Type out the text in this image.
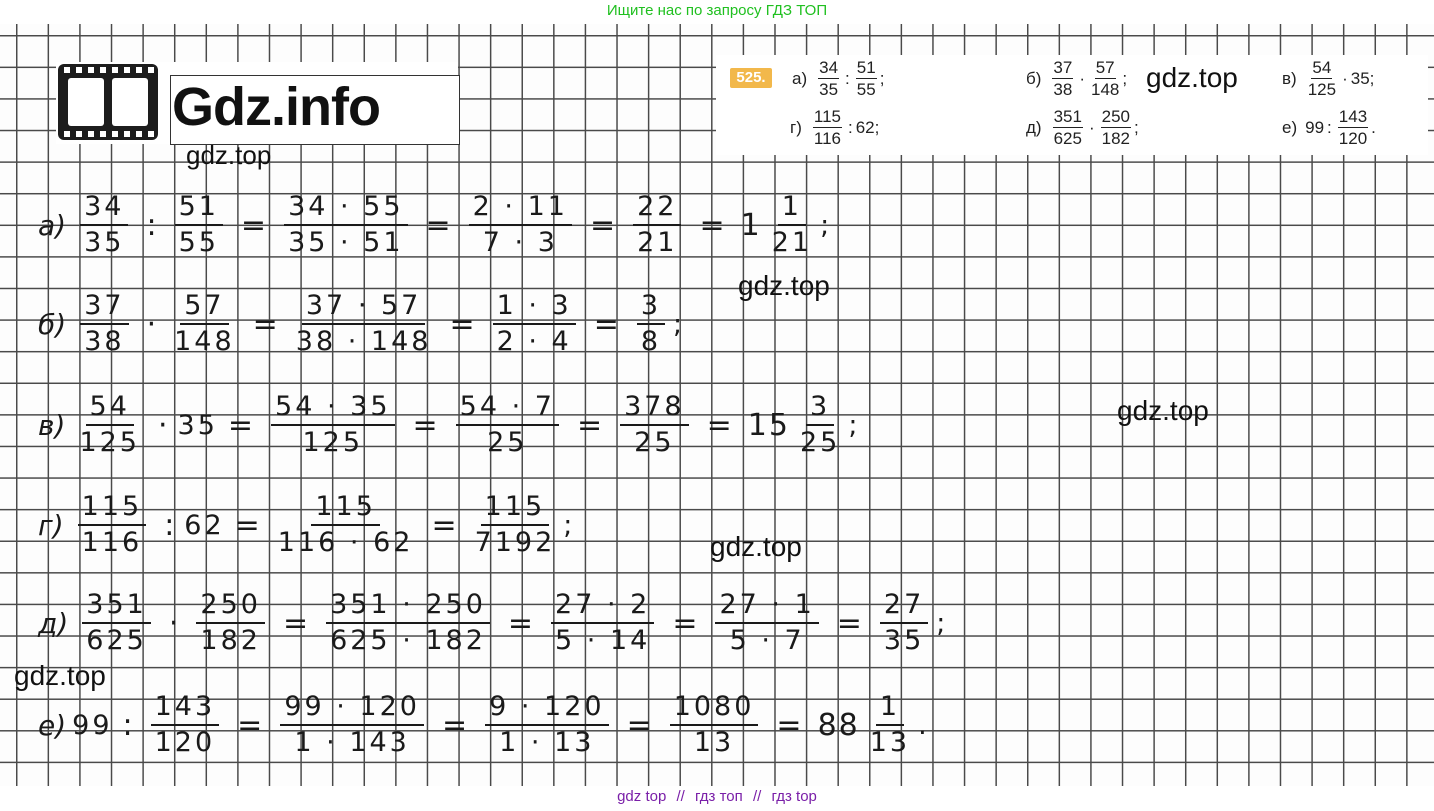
Ищите нас по запросу ГДЗ ТОП
Gdz.info	525.	$а) \frac{34}{35}$ : $\frac{51}{55}$ ;	$б) \frac{37}{38} \cdot \frac{57}{148}$ ;	$в) \frac{54}{125} \cdot 35$ ;
$г) \frac{115}{116}$ : 62 ;	$д) \frac{351}{625} \cdot \frac{250}{182}$ ;	е) 99 : $\frac{143}{120}$ .
gdz.top
gdz.top
gdz.top
gdz.top
gdz.top
gdz.top
$а) \frac{34}{35}$ : $\frac{51}{55} = \frac{34 \cdot 55}{35 \cdot 51} = \frac{2 \cdot 11}{7 \cdot 3} = \frac{22}{21} = 1 \frac{1}{21}$ ;
$б) \frac{37}{38} \cdot \frac{57}{148} = \frac{37 \cdot 57}{38 \cdot 148} = \frac{1 \cdot 3}{2 \cdot 4} = \frac{3}{8}$ ;
$в) \frac{54}{125} \cdot 35 = \frac{54 \cdot 35}{125} = \frac{54 \cdot 7}{25} = \frac{378}{25} = 15 \frac{3}{25}$ ;
$г) \frac{115}{116}$ : $62 = \frac{115}{116 \cdot 62} = \frac{115}{7192}$ ;
$д) \frac{351}{625} \cdot \frac{250}{182} = \frac{351 \cdot 250}{625 \cdot 182} = \frac{27 \cdot 2}{5 \cdot 14} = \frac{27 \cdot 1}{5 \cdot 7} = \frac{27}{35}$ ;
е) 99 : $\frac{143}{120} = \frac{99 \cdot 120}{1 \cdot 143} = \frac{9 \cdot 120}{1 \cdot 13} = \frac{1080}{13} = 88 \frac{1}{13}$ .
gdz top // гдз топ // гдз top
